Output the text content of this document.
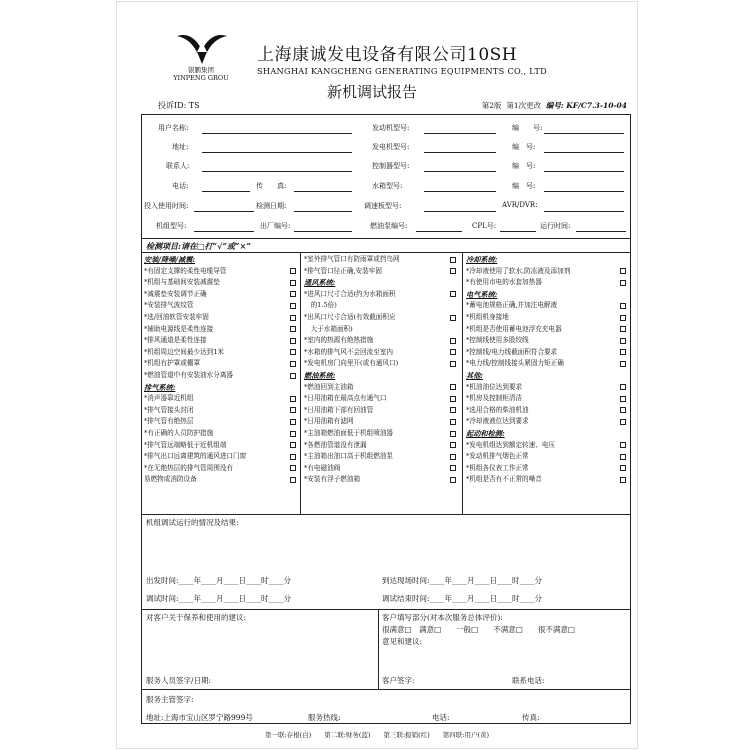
银鹏集团
YINPENG GROU
上海康诚发电设备有限公司10SH
SHANGHAI KANGCHENG GENERATING EQUIPMENTS CO., LTD
新机调试报告
投诉ID: TS	第2版 第1次更改 编号: KF/C7.3-10-04
用户名称:	发动机型号:	编　　号:
地址:	发电机型号:	编　号:
联系人:	控制器型号:	编　号:
电话:	传　　真:	水箱型号:	编　号:
投入使用时间:	检测日期:	调速板型号:	AVR/DVR:
机组型号:	出厂编号:	燃油泵编号:	CPL号:	运行时间:
检测项目:请在□打“√”或“×”
安装/降噪/减震:
*有固定支撑的柔性电缆导管
*机组与基础间安装减震垫
*减震垫安装调节正确
*安装排气波纹管
*选/回油软管安装牢固
*辅助电源线是柔性连接
*排风通道是柔性连接
*机组周边空间最少达到1米
*机组有护罩或棚罩
*燃油管道中有安装油水分离器
排气系统:
*消声器靠近机组
*排气管接头封闭
*排气管有绝热层
*有正确的人员防护措施
*排气管远端略低于近机组端
*排气出口远离建筑的通风进口门窗
*在无绝热层的排气管周围没有
易燃物或消防设备
*室外排气管口有防雨罩或挡鸟网
*排气管口径正确,安装牢固
通风系统:
*进风口尺寸合适(约为水箱面积
　的1.5倍)
*出风口尺寸合适(有效截面积应
　大于水箱面积)
*室内的热源有绝热措施
*水箱的排气风不会回流至室内
*发电机房门向里开(或有通风口)
燃油系统:
*燃油回到主油箱
*日用油箱在最高点有通气口
*日用油箱下部有回油管
*日用油箱有滤网
*主油箱燃油面低于机组喷油器
*各燃油管道没有泄漏
*主油箱出油口高于机组燃油泵
*有电磁油阀
*安装有浮子燃油箱
冷却系统:
*冷却液使用了软水,防冻液及添加剂
*有使用市电的水套加热器
电气系统:
*蓄电池规格正确,并加注电解液
*机组机身接地
*机组是否使用蓄电池浮充充电器
*控制线使用多股绞线
*控制线/电力线截面积符合要求
*电力线/控制线接头紧固力矩正确
其他:
*机油油位达到要求
*机房及控制柜清洁
*选用合格的柴油机油
*冷却液液位达到要求
起动和检测:
*发电机组达到额定转速、电压
*发动机排气烟色正常
*机组各仪表工作正常
*机组是否有不正常的噪音
机组调试运行的情况及结果:
出发时间:____年____月____日____时____分	到达现场时间:____年____月____日____时____分
调试时间:____年____月____日____时____分	调试结束时间:____年____月____日____时____分
对客户关于保养和使用的建议:	客户填写部分(对本次服务总体评价):
很满意□　满意□　　一般□　　不满意□　　很不满意□
意见和建议:
服务人员签字/日期:	客户签字:	联系电话:
服务主管签字:
地址:上海市宝山区罗宁路999号	服务热线:	电话:	传真:
第一联:存根(白)　　第二联:财务(蓝)　　第三联:报销(红)　　第四联:用户(黄)
